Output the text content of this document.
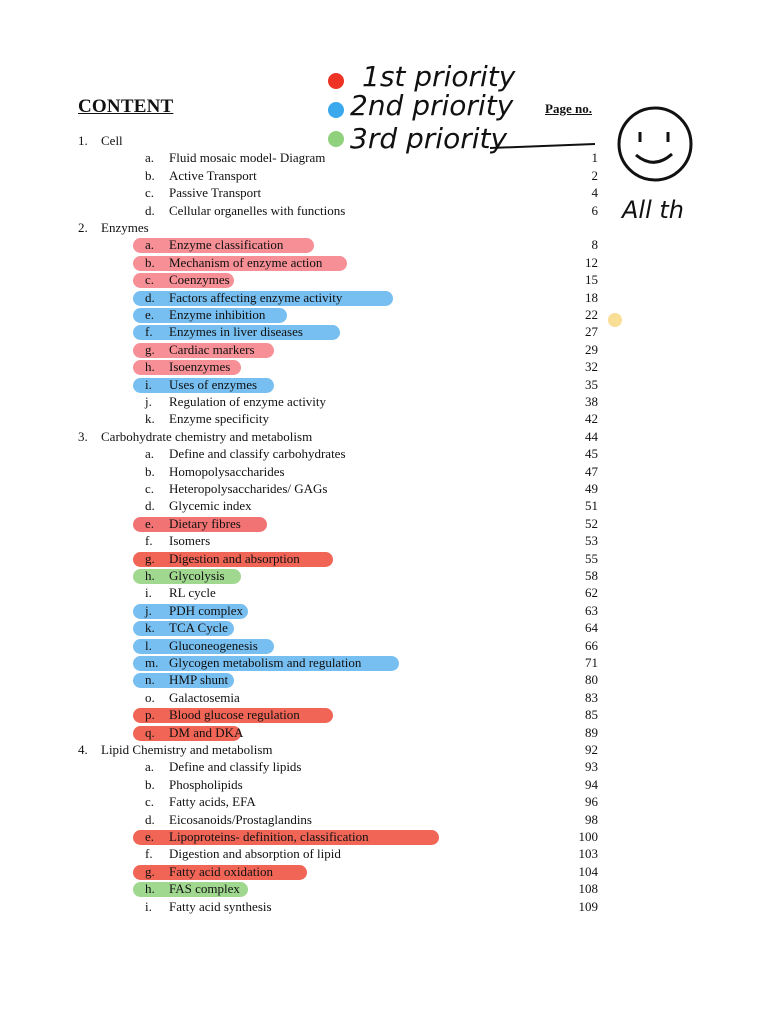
CONTENT	Page no.
1st priority
2nd priority
3rd priority
All th
1. Cell
a. Fluid mosaic model- Diagram	1
b. Active Transport	2
c. Passive Transport	4
d. Cellular organelles with functions	6
2. Enzymes
a. Enzyme classification	8
b. Mechanism of enzyme action	12
c. Coenzymes	15
d. Factors affecting enzyme activity	18
e. Enzyme inhibition	22
f. Enzymes in liver diseases	27
g. Cardiac markers	29
h. Isoenzymes	32
i. Uses of enzymes	35
j. Regulation of enzyme activity	38
k. Enzyme specificity	42
3. Carbohydrate chemistry and metabolism	44
a. Define and classify carbohydrates	45
b. Homopolysaccharides	47
c. Heteropolysaccharides/ GAGs	49
d. Glycemic index	51
e. Dietary fibres	52
f. Isomers	53
g. Digestion and absorption	55
h. Glycolysis	58
i. RL cycle	62
j. PDH complex	63
k. TCA Cycle	64
l. Gluconeogenesis	66
m. Glycogen metabolism and regulation	71
n. HMP shunt	80
o. Galactosemia	83
p. Blood glucose regulation	85
q. DM and DKA	89
4. Lipid Chemistry and metabolism	92
a. Define and classify lipids	93
b. Phospholipids	94
c. Fatty acids, EFA	96
d. Eicosanoids/Prostaglandins	98
e. Lipoproteins- definition, classification	100
f. Digestion and absorption of lipid	103
g. Fatty acid oxidation	104
h. FAS complex	108
i. Fatty acid synthesis	109
